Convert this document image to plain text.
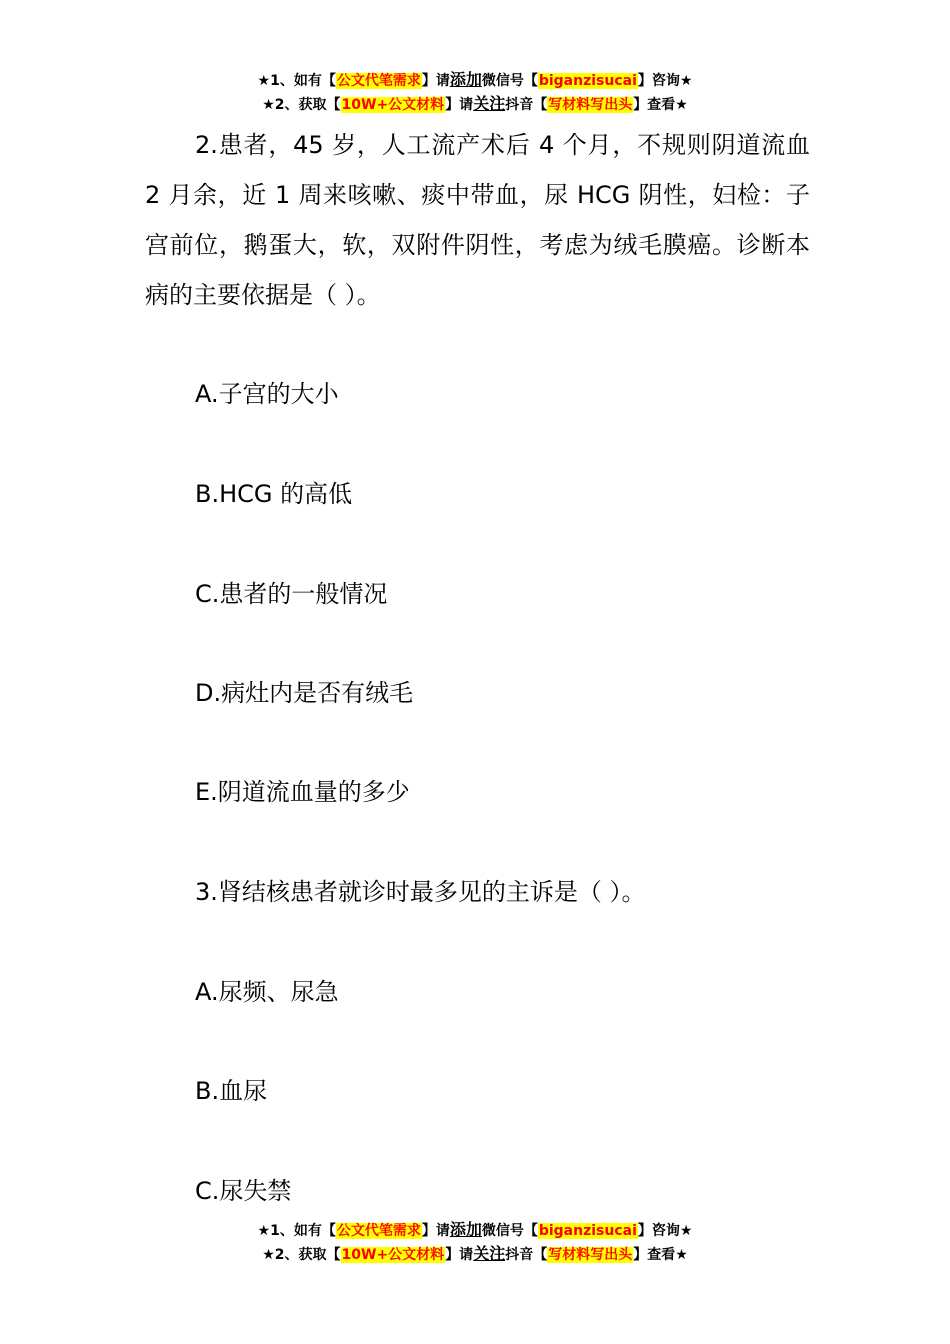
★1、如有【公文代笔需求】请添加微信号【biganzisucai】咨询★
★2、获取【10W+公文材料】请关注抖音【写材料写出头】查看★

2.患者，45 岁，人工流产术后 4 个月，不规则阴道流血 2 月余，近 1 周来咳嗽、痰中带血，尿 HCG 阴性，妇检：子宫前位，鹅蛋大，软，双附件阴性，考虑为绒毛膜癌。诊断本病的主要依据是（ ）。

A.子宫的大小
B.HCG 的高低
C.患者的一般情况
D.病灶内是否有绒毛
E.阴道流血量的多少
3.肾结核患者就诊时最多见的主诉是（ ）。
A.尿频、尿急
B.血尿
C.尿失禁
★1、如有【公文代笔需求】请添加微信号【biganzisucai】咨询★
★2、获取【10W+公文材料】请关注抖音【写材料写出头】查看★
